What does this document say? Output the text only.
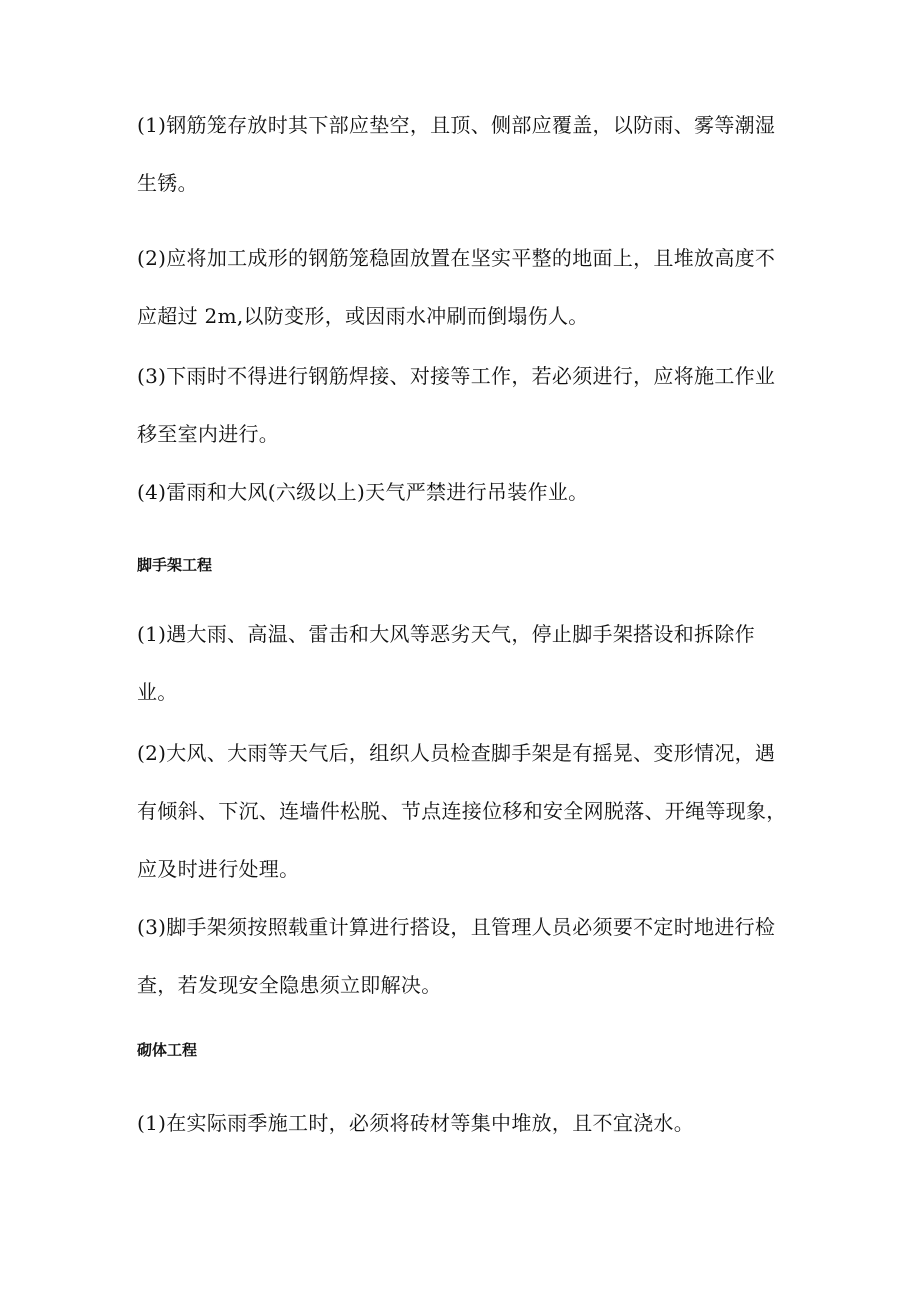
(1)钢筋笼存放时其下部应垫空，且顶、侧部应覆盖，以防雨、雾等潮湿生锈。

(2)应将加工成形的钢筋笼稳固放置在坚实平整的地面上，且堆放高度不应超过 2m,以防变形，或因雨水冲刷而倒塌伤人。

(3)下雨时不得进行钢筋焊接、对接等工作，若必须进行，应将施工作业移至室内进行。

(4)雷雨和大风(六级以上)天气严禁进行吊装作业。

脚手架工程

(1)遇大雨、高温、雷击和大风等恶劣天气，停止脚手架搭设和拆除作业。

(2)大风、大雨等天气后，组织人员检查脚手架是有摇晃、变形情况，遇有倾斜、下沉、连墙件松脱、节点连接位移和安全网脱落、开绳等现象，应及时进行处理。

(3)脚手架须按照载重计算进行搭设，且管理人员必须要不定时地进行检查，若发现安全隐患须立即解决。

砌体工程

(1)在实际雨季施工时，必须将砖材等集中堆放，且不宜浇水。
